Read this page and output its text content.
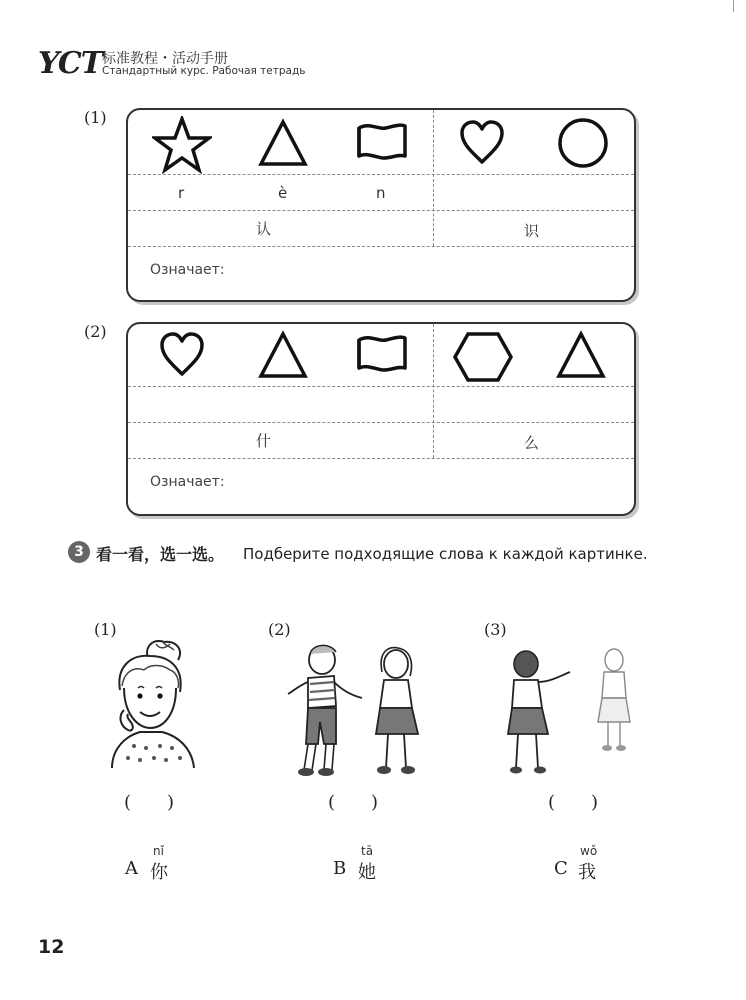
YCT 标准教程・活动手册
Стандартный курс. Рабочая тетрадь
(1)
r	è	n
认	识
Означает:
(2)
什	么
Означает:
3 看一看，选一选。 Подберите подходящие слова к каждой картинке.
(1)
(　　)
(2)
(　　)
(3)
(　　)
nǐ
A 你
tā
B 她
wǒ
C 我
12
